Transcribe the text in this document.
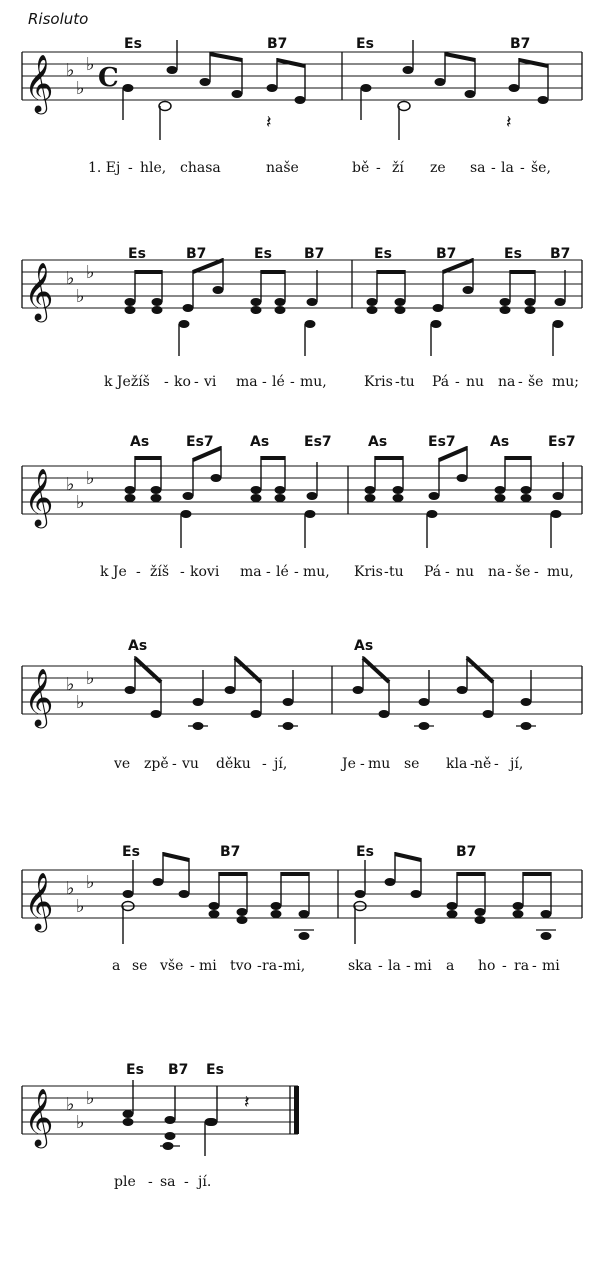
Risoluto
𝄞 ♭
♭
♭ C
𝄽	𝄽
Es	B7	Es	B7
1. Ej - hle, chasa	naše	bě - ží ze sa - la - še,
𝄞 ♭
♭
♭
Es	B7	Es B7	Es	B7	Es B7
k Ježíš - ko - vi ma - lé - mu,	Kris - tu Pá - nu na - še mu;
𝄞 ♭
♭
♭
As	Es7	As Es7	As	Es7 As	Es7
k Je - žíš - kovi ma - lé - mu, Kris - tu Pá - nu na - še - mu,
𝄞 ♭
♭
♭
As	As
ve zpě - vu děku - jí,	Je - mu se kla - ně - jí,
𝄞 ♭
♭
♭
Es	B7	Es	B7
a se vše - mi tvo - ra - mi,	ska - la - mi a ho - ra - mi
𝄞 ♭
♭
♭	𝄽
Es B7 Es
ple - sa - jí.
